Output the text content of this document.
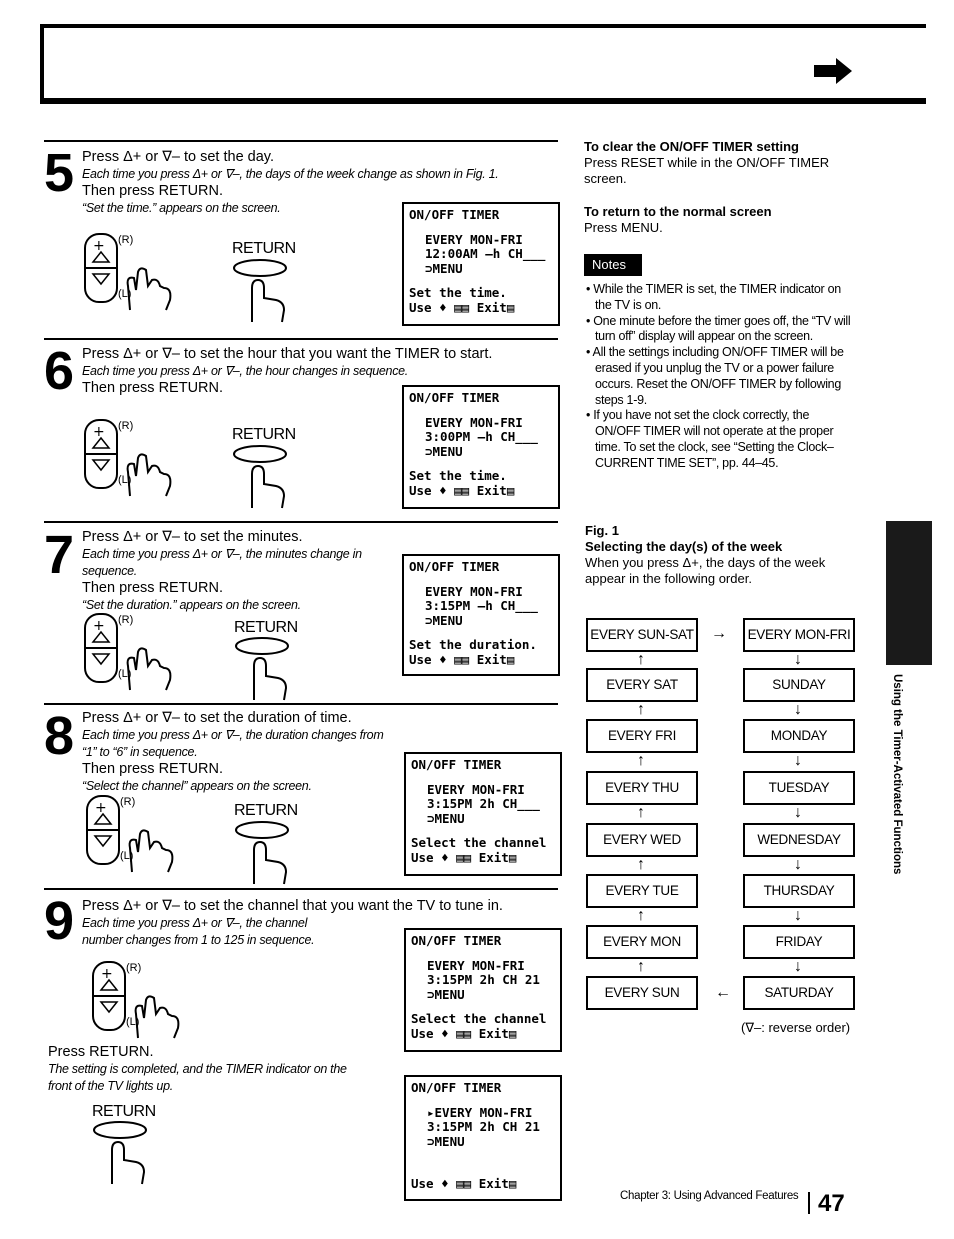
5 Press Δ+ or ∇– to set the day.
Each time you press Δ+ or ∇–, the days of the week change as shown in Fig. 1.
Then press RETURN.
“Set the time.” appears on the screen.
6 Press Δ+ or ∇– to set the hour that you want the TIMER to start.
Each time you press Δ+ or ∇–, the hour changes in sequence.
Then press RETURN.
7 Press Δ+ or ∇– to set the minutes.
Each time you press Δ+ or ∇–, the minutes change in sequence.
Then press RETURN.
“Set the duration.” appears on the screen.
8 Press Δ+ or ∇– to set the duration of time.
Each time you press Δ+ or ∇–, the duration changes from “1” to “6” in sequence.
Then press RETURN.
“Select the channel” appears on the screen.
9 Press Δ+ or ∇– to set the channel that you want the TV to tune in.
Each time you press Δ+ or ∇–, the channel number changes from 1 to 125 in sequence.
Press RETURN.
The setting is completed, and the TIMER indicator on the front of the TV lights up.
ON/OFF TIMER
EVERY MON-FRI
12:00AM –h CH___
⊃MENU
Set the time.
Use ♦ ▤▤ Exit▤
ON/OFF TIMER
EVERY MON-FRI
3:00PM –h CH___
⊃MENU
Set the time.
Use ♦ ▤▤ Exit▤
ON/OFF TIMER
EVERY MON-FRI
3:15PM –h CH___
⊃MENU
Set the duration.
Use ♦ ▤▤ Exit▤
ON/OFF TIMER
EVERY MON-FRI
3:15PM 2h CH___
⊃MENU
Select the channel
Use ♦ ▤▤ Exit▤
ON/OFF TIMER
EVERY MON-FRI
3:15PM 2h CH 21
⊃MENU
Select the channel
Use ♦ ▤▤ Exit▤
ON/OFF TIMER
▸EVERY MON-FRI
3:15PM 2h CH 21
⊃MENU
Use ♦ ▤▤ Exit▤
RETURN
RETURN
RETURN
RETURN
RETURN
+ (R)
(L)
+ (R)
(L)
+ (R)
(L)
+ (R)
(L)
+ (R)
(L)
To clear the ON/OFF TIMER setting
Press RESET while in the ON/OFF TIMER screen.
To return to the normal screen
Press MENU.
Notes
• While the TIMER is set, the TIMER indicator on the TV is on.
• One minute before the timer goes off, the “TV will turn off” display will appear on the screen.
• All the settings including ON/OFF TIMER will be erased if you unplug the TV or a power failure occurs. Reset the ON/OFF TIMER by following steps 1-9.
• If you have not set the clock correctly, the ON/OFF TIMER will not operate at the proper time. To set the clock, see “Setting the Clock–CURRENT TIME SET”, pp. 44–45.
Fig. 1
Selecting the day(s) of the week
When you press Δ+, the days of the week appear in the following order.
EVERY SUN-SAT
EVERY SAT
EVERY FRI
EVERY THU
EVERY WED
EVERY TUE
EVERY MON
EVERY SUN
EVERY MON-FRI
SUNDAY
MONDAY
TUESDAY
WEDNESDAY
THURSDAY
FRIDAY
SATURDAY
↑
↑
↑
↑
↑
↑
↑
↓
↓
↓
↓
↓
↓
↓
→
←
(∇–: reverse order)
Using the Timer-Activated Functions
Chapter 3: Using Advanced Features 47
